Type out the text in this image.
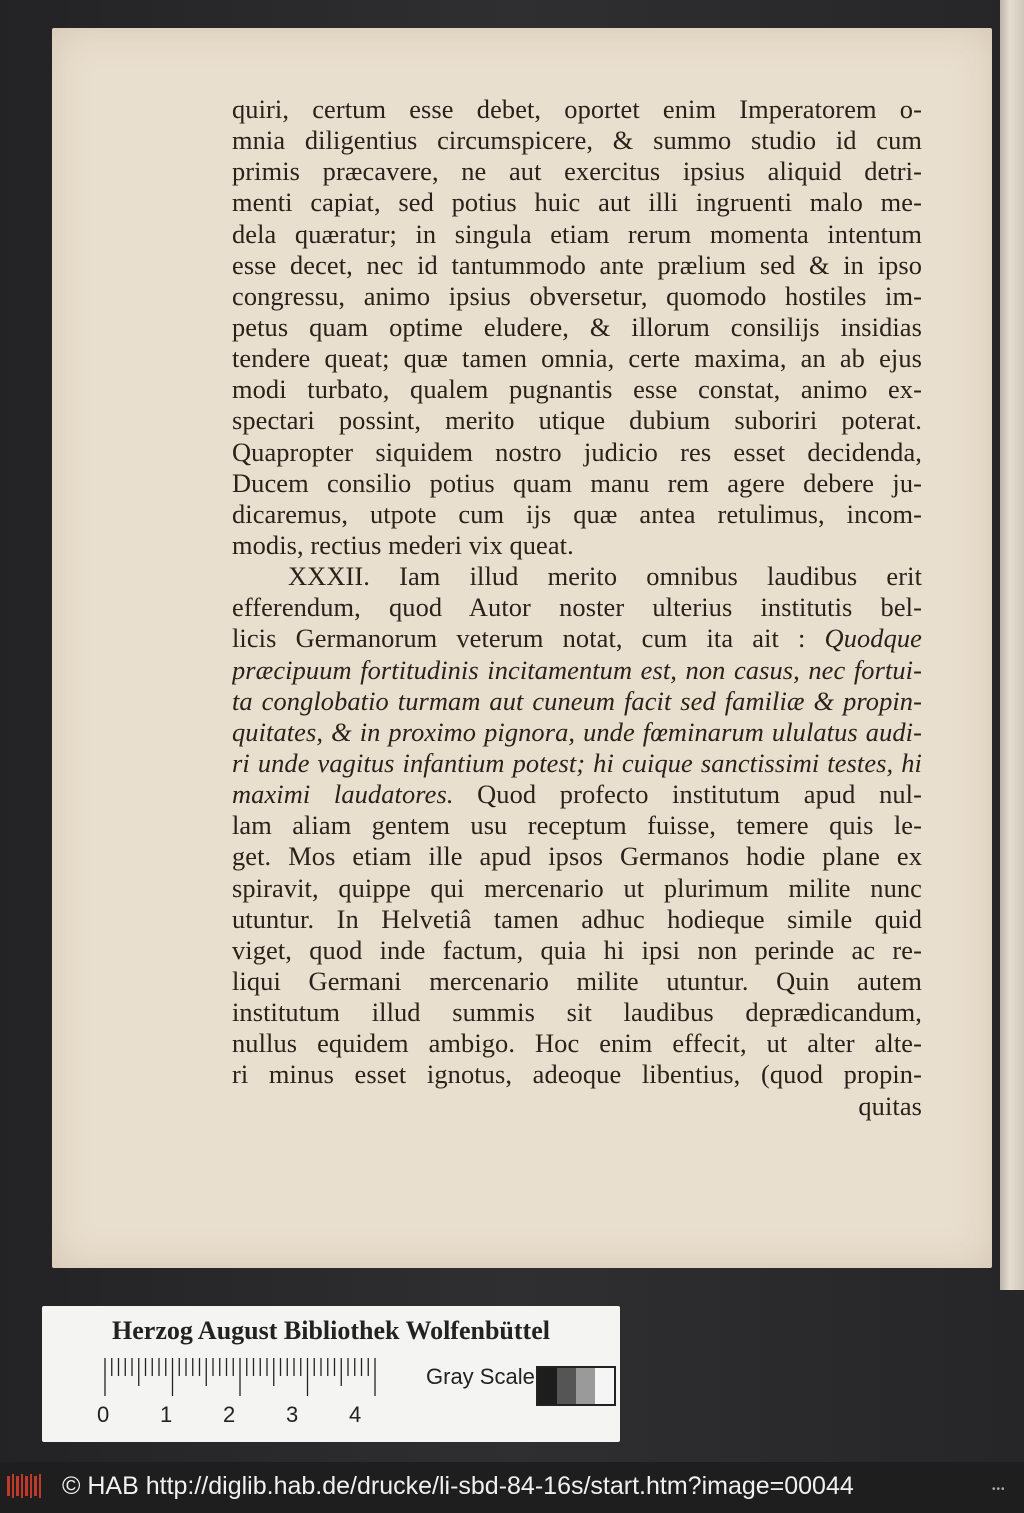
quiri, certum esse debet, oportet enim Imperatorem o-
mnia diligentius circumspicere, & summo studio id cum
primis præcavere, ne aut exercitus ipsius aliquid detri-
menti capiat, sed potius huic aut illi ingruenti malo me-
dela quæratur; in singula etiam rerum momenta intentum
esse decet, nec id tantummodo ante prælium sed & in ipso
congressu, animo ipsius obversetur, quomodo hostiles im-
petus quam optime eludere, & illorum consilijs insidias
tendere queat; quæ tamen omnia, certe maxima, an ab ejus
modi turbato, qualem pugnantis esse constat, animo ex-
spectari possint, merito utique dubium suboriri poterat.
Quapropter siquidem nostro judicio res esset decidenda,
Ducem consilio potius quam manu rem agere debere ju-
dicaremus, utpote cum ijs quæ antea retulimus, incom-
modis, rectius mederi vix queat.
XXXII. Iam illud merito omnibus laudibus erit
efferendum, quod Autor noster ulterius institutis bel-
licis Germanorum veterum notat, cum ita ait : Quodque
præcipuum fortitudinis incitamentum est, non casus, nec fortui-
ta conglobatio turmam aut cuneum facit sed familiæ & propin-
quitates, & in proximo pignora, unde fœminarum ululatus audi-
ri unde vagitus infantium potest; hi cuique sanctissimi testes, hi
maximi laudatores. Quod profecto institutum apud nul-
lam aliam gentem usu receptum fuisse, temere quis le-
get. Mos etiam ille apud ipsos Germanos hodie plane ex
spiravit, quippe qui mercenario ut plurimum milite nunc
utuntur. In Helvetiâ tamen adhuc hodieque simile quid
viget, quod inde factum, quia hi ipsi non perinde ac re-
liqui Germani mercenario milite utuntur. Quin autem
institutum illud summis sit laudibus deprædicandum,
nullus equidem ambigo. Hoc enim effecit, ut alter alte-
ri minus esset ignotus, adeoque libentius, (quod propin-
quitas
Herzog August Bibliothek Wolfenbüttel
0 1 2 3 4
Gray Scale
© HAB http://diglib.hab.de/drucke/li-sbd-84-16s/start.htm?image=00044	•••
